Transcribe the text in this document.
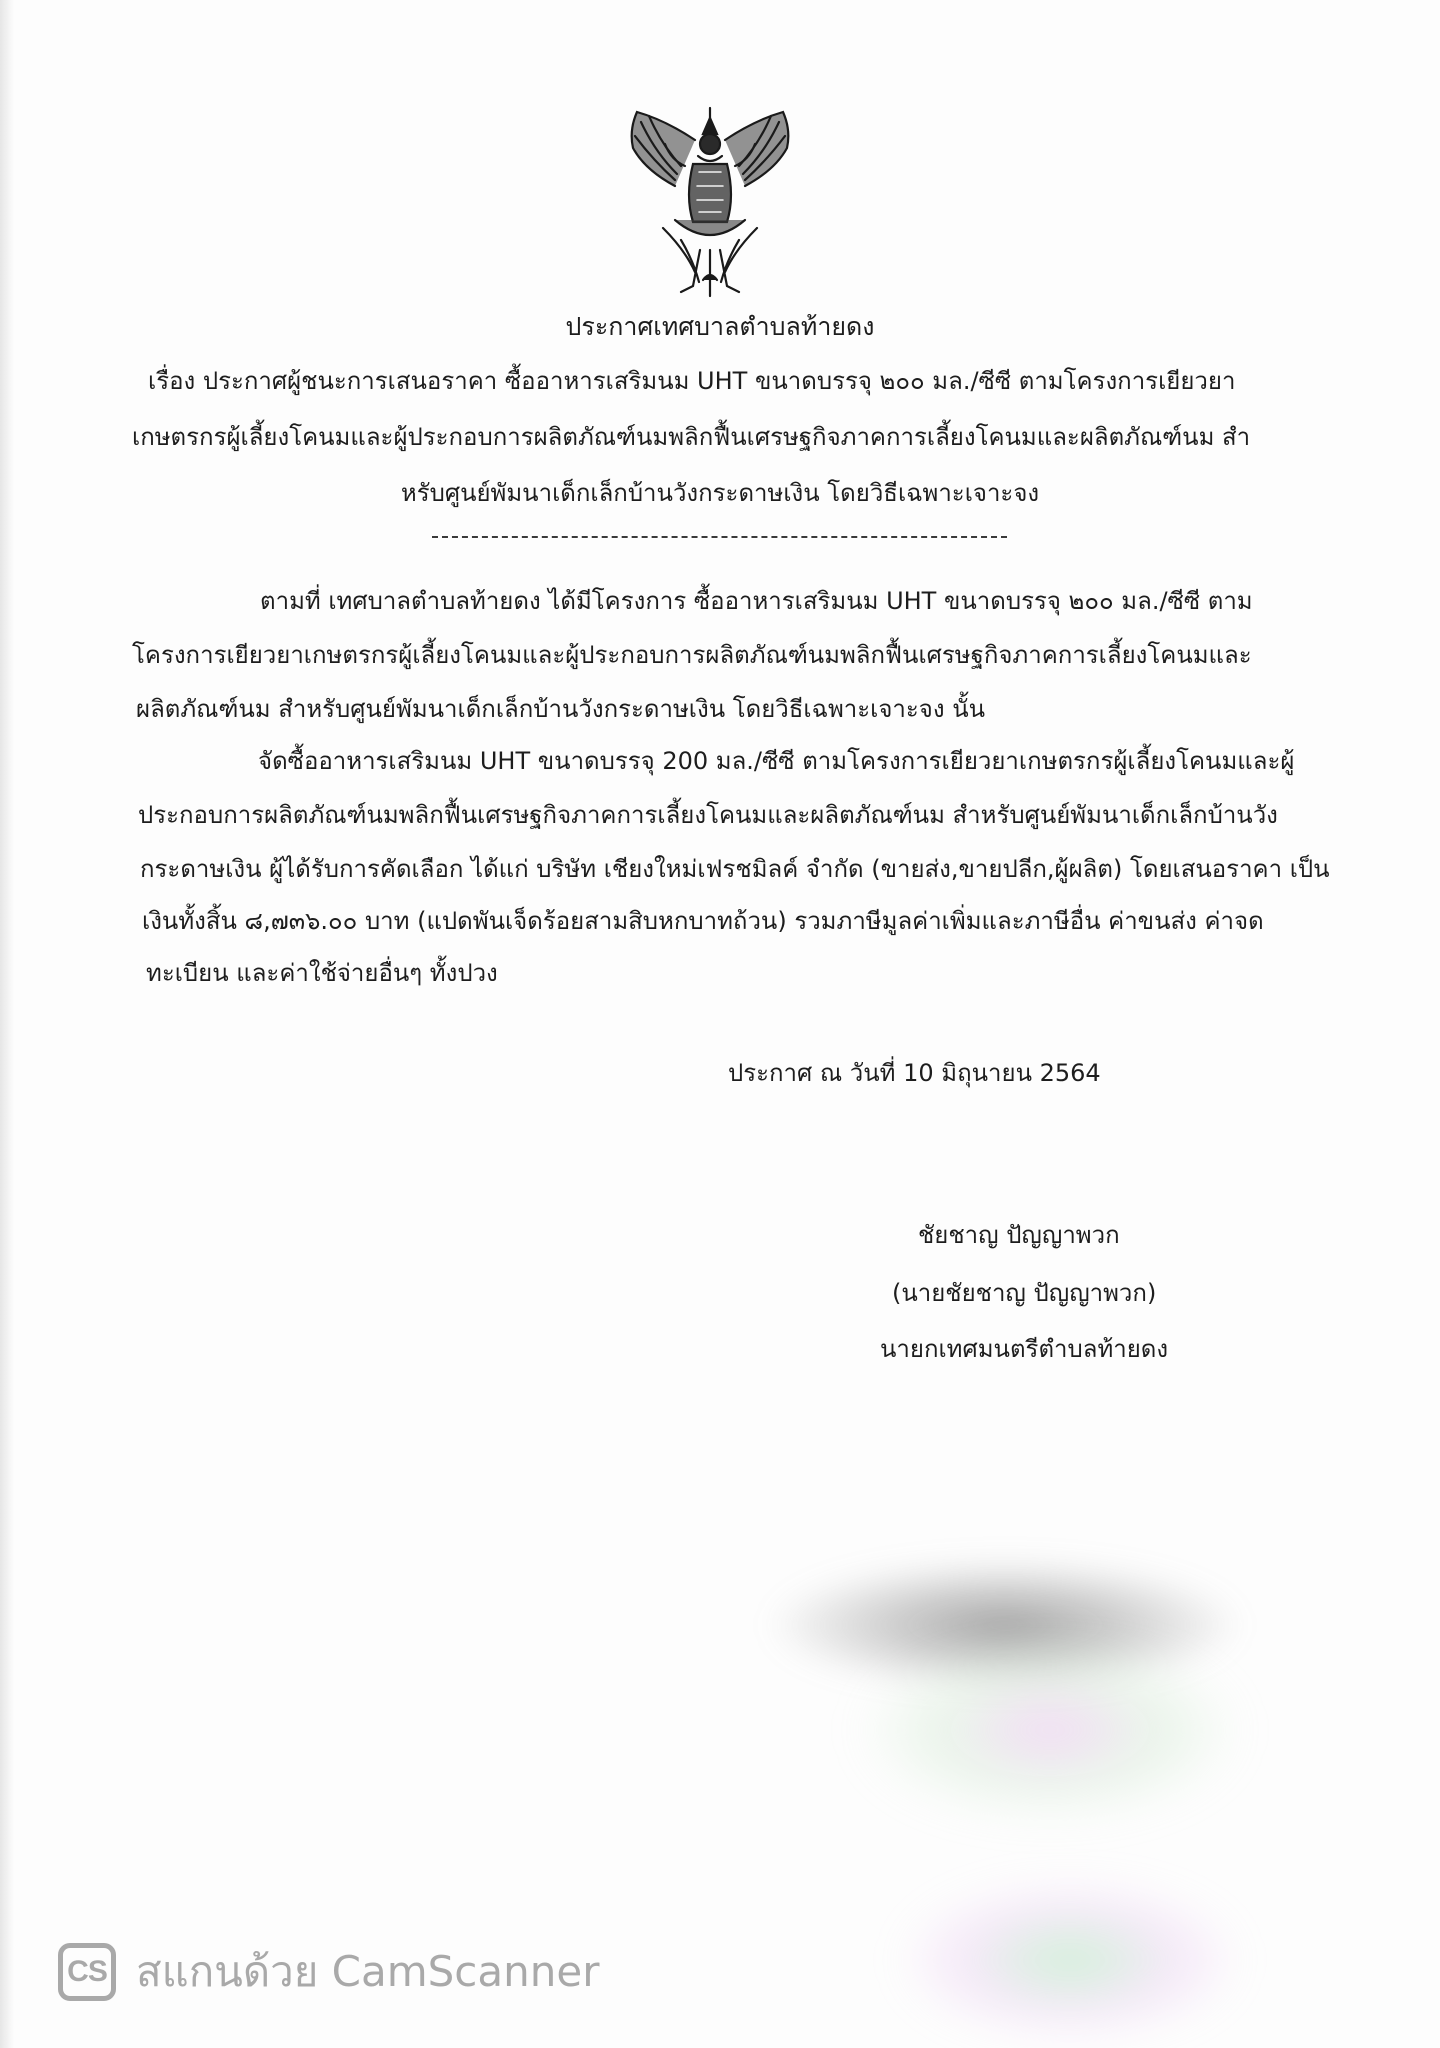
ประกาศเทศบาลตำบลท้ายดง
เรื่อง ประกาศผู้ชนะการเสนอราคา ซื้ออาหารเสริมนม UHT ขนาดบรรจุ ๒๐๐ มล./ซีซี ตามโครงการเยียวยา
เกษตรกรผู้เลี้ยงโคนมและผู้ประกอบการผลิตภัณฑ์นมพลิกฟื้นเศรษฐกิจภาคการเลี้ยงโคนมและผลิตภัณฑ์นม สำ
หรับศูนย์พัมนาเด็กเล็กบ้านวังกระดาษเงิน โดยวิธีเฉพาะเจาะจง
ตามที่ เทศบาลตำบลท้ายดง ได้มีโครงการ ซื้ออาหารเสริมนม UHT ขนาดบรรจุ ๒๐๐ มล./ซีซี ตาม
โครงการเยียวยาเกษตรกรผู้เลี้ยงโคนมและผู้ประกอบการผลิตภัณฑ์นมพลิกฟื้นเศรษฐกิจภาคการเลี้ยงโคนมและ
ผลิตภัณฑ์นม สำหรับศูนย์พัมนาเด็กเล็กบ้านวังกระดาษเงิน โดยวิธีเฉพาะเจาะจง นั้น
จัดซื้ออาหารเสริมนม UHT ขนาดบรรจุ 200 มล./ซีซี ตามโครงการเยียวยาเกษตรกรผู้เลี้ยงโคนมและผู้
ประกอบการผลิตภัณฑ์นมพลิกฟื้นเศรษฐกิจภาคการเลี้ยงโคนมและผลิตภัณฑ์นม สำหรับศูนย์พัมนาเด็กเล็กบ้านวัง
กระดาษเงิน ผู้ได้รับการคัดเลือก ได้แก่ บริษัท เชียงใหม่เฟรชมิลค์ จำกัด (ขายส่ง,ขายปลีก,ผู้ผลิต) โดยเสนอราคา เป็น
เงินทั้งสิ้น ๘,๗๓๖.๐๐ บาท (แปดพันเจ็ดร้อยสามสิบหกบาทถ้วน) รวมภาษีมูลค่าเพิ่มและภาษีอื่น ค่าขนส่ง ค่าจด
ทะเบียน และค่าใช้จ่ายอื่นๆ ทั้งปวง
ประกาศ ณ วันที่ 10 มิถุนายน 2564
ชัยชาญ ปัญญาพวก
(นายชัยชาญ ปัญญาพวก)
นายกเทศมนตรีตำบลท้ายดง
CS สแกนด้วย CamScanner
